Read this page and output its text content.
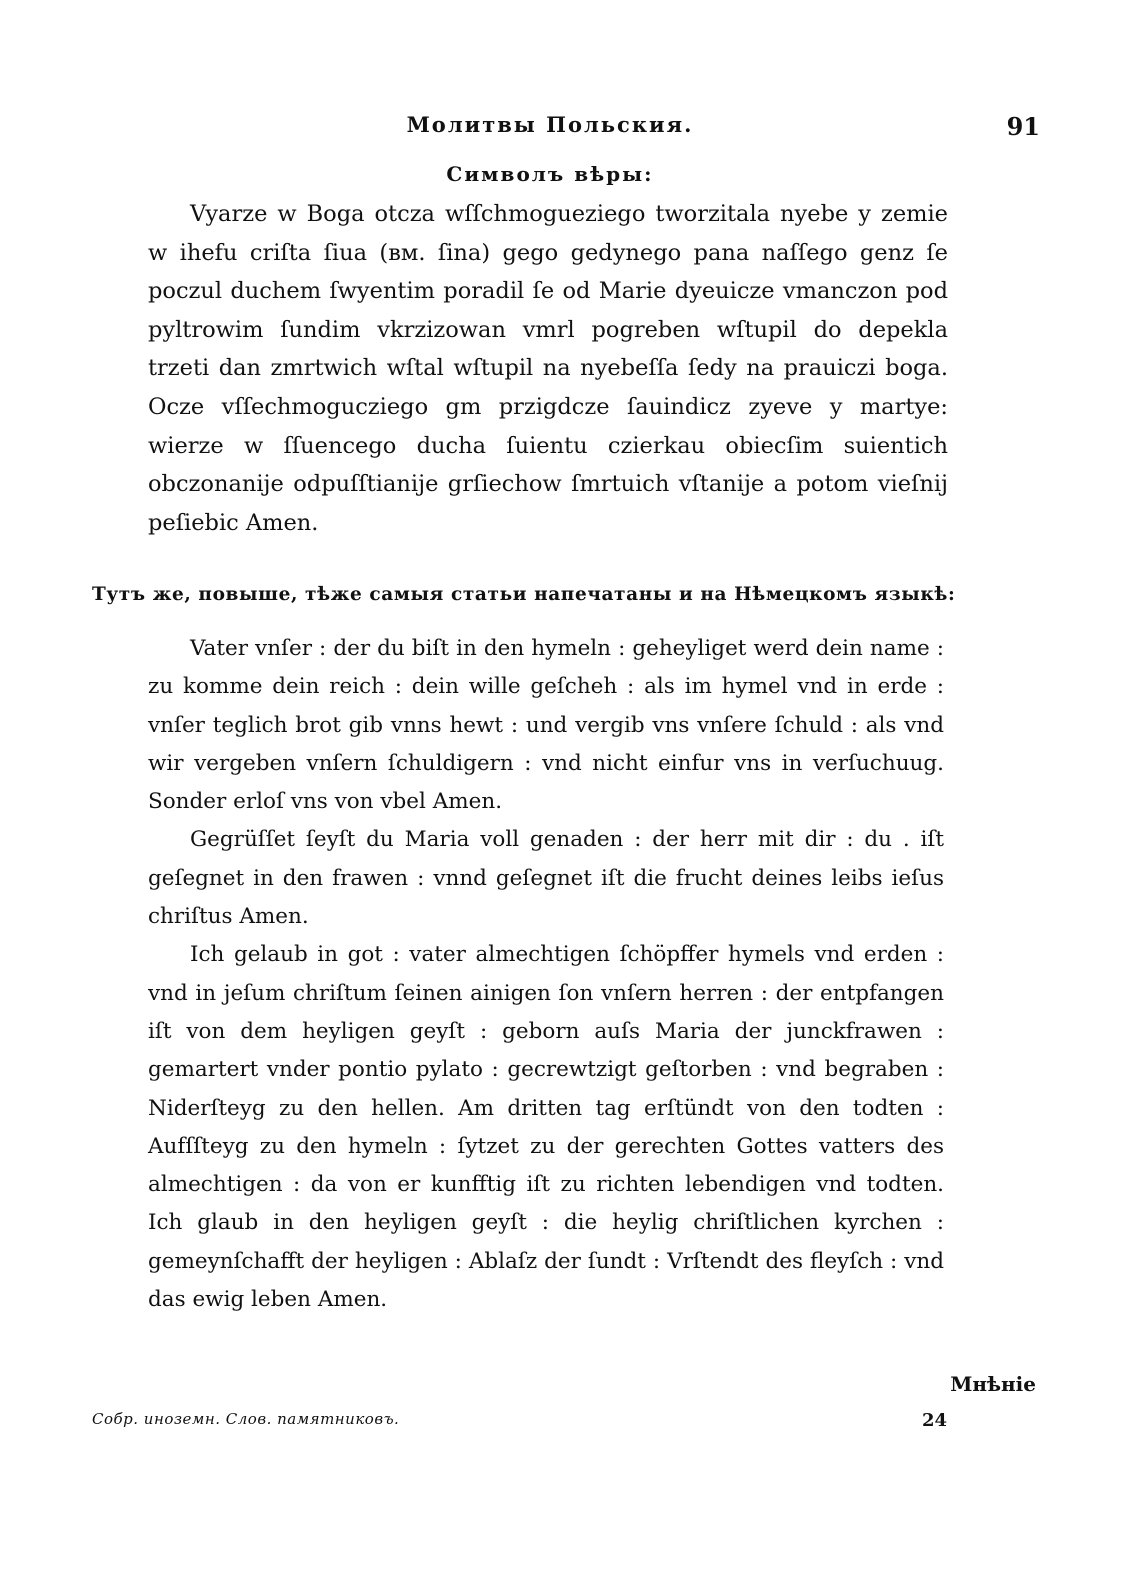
Молитвы Польския.	91
Символъ вѣры:

Vyarze w Boga otcza wſſchmogueziego tworzitala nyebe y zemie w ihefu criſta ſiua (вм. ſina) gego gedynego pana naſſego genz ſe poczul duchem ſwyentim poradil ſe od Marie dyeuicze vmanczon pod pyltrowim ſundim vkrzizowan vmrl pogreben wſtupil do depekla trzeti dan zmrtwich wſtal wſtupil na nyebeſſa ſedy na prauiczi boga. Ocze vſſechmogucziego gm przigdcze ſauindicz zyeve y martye: wierze w ſſuencego ducha ſuientu czierkau obiecſim suientich obczonanije odpuſſtianije grſiechow ſmrtuich vſtanije a potom vieſnij peſiebic Amen.

Тутъ же, повыше, тѣже самыя статьи напечатаны и на Нѣмецкомъ языкѣ:

Vater vnſer : der du biſt in den hymeln : geheyliget werd dein name : zu komme dein reich : dein wille geſcheh : als im hymel vnd in erde : vnſer teglich brot gib vnns hewt : und vergib vns vnſere ſchuld : als vnd wir vergeben vnſern ſchuldigern : vnd nicht einfur vns in verſuchuug. Sonder erloſ vns von vbel Amen.

Gegrüſſet ſeyſt du Maria voll genaden : der herr mit dir : du . iſt geſegnet in den frawen : vnnd geſegnet iſt die frucht deines leibs ieſus chriſtus Amen.

Ich gelaub in got : vater almechtigen ſchöpffer hymels vnd erden : vnd in jeſum chriſtum ſeinen ainigen ſon vnſern herren : der entpfangen iſt von dem heyligen geyſt : geborn auſs Maria der junckfrawen : gemartert vnder pontio pylato : gecrewtzigt geſtorben : vnd begraben : Niderſteyg zu den hellen. Am dritten tag erſtündt von den todten : Aufſſteyg zu den hymeln : ſytzet zu der gerechten Gottes vatters des almechtigen : da von er kunfftig iſt zu richten lebendigen vnd todten. Ich glaub in den heyligen geyſt : die heylig chriſtlichen kyrchen : gemeynſchafft der heyligen : Ablaſz der ſundt : Vrſtendt des fleyſch : vnd das ewig leben Amen.

Мнѣніе
Собр. иноземн. Слов. памятниковъ.	24
